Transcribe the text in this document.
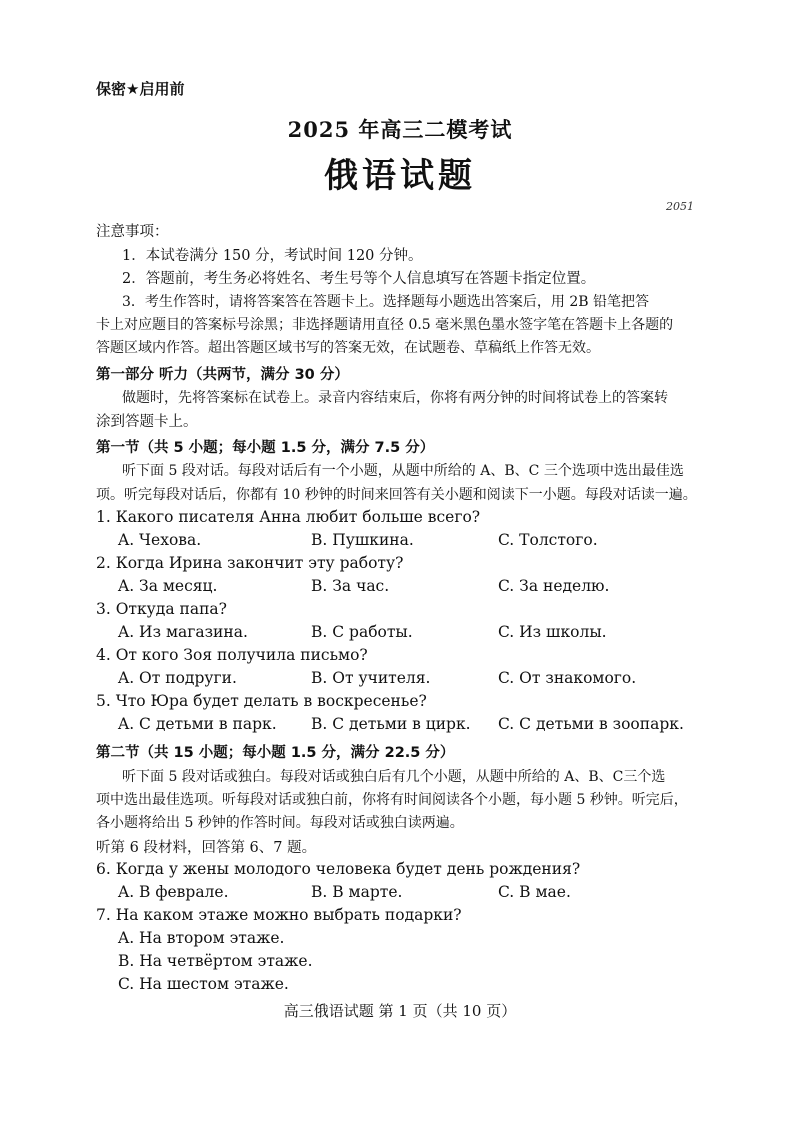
保密★启用前
2025 年高三二模考试
俄语试题
2051
注意事项：
1．本试卷满分 150 分，考试时间 120 分钟。
2．答题前，考生务必将姓名、考生号等个人信息填写在答题卡指定位置。
3．考生作答时，请将答案答在答题卡上。选择题每小题选出答案后，用 2B 铅笔把答
卡上对应题目的答案标号涂黑；非选择题请用直径 0.5 毫米黑色墨水签字笔在答题卡上各题的
答题区域内作答。超出答题区域书写的答案无效，在试题卷、草稿纸上作答无效。
第一部分 听力（共两节，满分 30 分）
做题时，先将答案标在试卷上。录音内容结束后，你将有两分钟的时间将试卷上的答案转
涂到答题卡上。
第一节（共 5 小题；每小题 1.5 分，满分 7.5 分）
听下面 5 段对话。每段对话后有一个小题，从题中所给的 A、B、C 三个选项中选出最佳选
项。听完每段对话后，你都有 10 秒钟的时间来回答有关小题和阅读下一小题。每段对话读一遍。
1. Какого писателя Анна любит больше всего?
A. Чехова.	B. Пушкина.	C. Толстого.
2. Когда Ирина закончит эту работу?
A. За месяц.	B. За час.	C. За неделю.
3. Откуда папа?
A. Из магазина.	B. С работы.	C. Из школы.
4. От кого Зоя получила письмо?
A. От подруги.	B. От учителя.	C. От знакомого.
5. Что Юра будет делать в воскресенье?
A. С детьми в парк. B. С детьми в цирк. C. С детьми в зоопарк.
第二节（共 15 小题；每小题 1.5 分，满分 22.5 分）
听下面 5 段对话或独白。每段对话或独白后有几个小题，从题中所给的 A、B、C三个选
项中选出最佳选项。听每段对话或独白前，你将有时间阅读各个小题，每小题 5 秒钟。听完后，
各小题将给出 5 秒钟的作答时间。每段对话或独白读两遍。
听第 6 段材料，回答第 6、7 题。
6. Когда у жены молодого человека будет день рождения?
A. В феврале.	B. В марте.	C. В мае.
7. На каком этаже можно выбрать подарки?
A. На втором этаже.
B. На четвёртом этаже.
C. На шестом этаже.
高三俄语试题 第 1 页（共 10 页）
